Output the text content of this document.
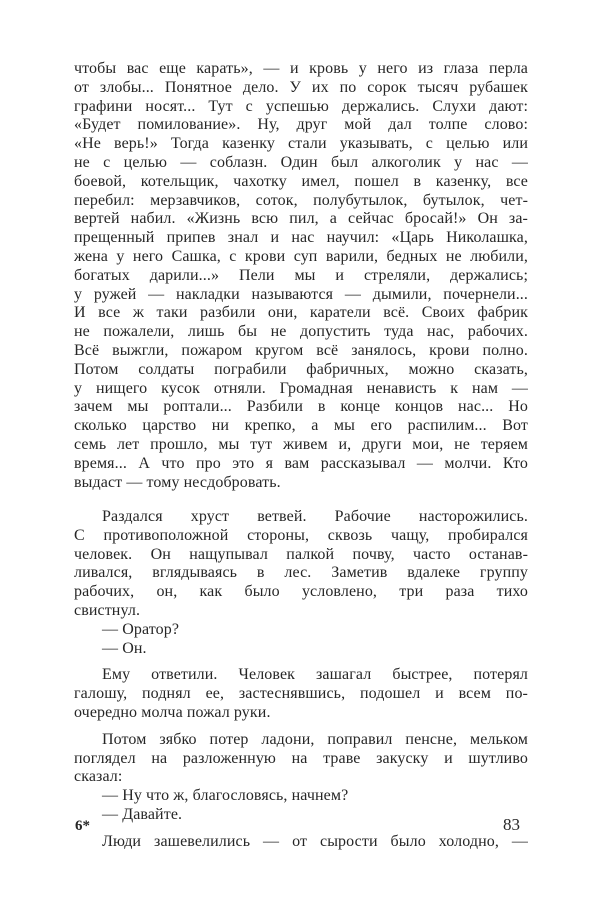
чтобы вас еще карать», — и кровь у него из глаза перла
от злобы... Понятное дело. У их по сорок тысяч рубашек
графини носят... Тут с успешью держались. Слухи дают:
«Будет помилование». Ну, друг мой дал толпе слово:
«Не верь!» Тогда казенку стали указывать, с целью или
не с целью — соблазн. Один был алкоголик у нас —
боевой, котельщик, чахотку имел, пошел в казенку, все
перебил: мерзавчиков, соток, полубутылок, бутылок, чет-
вертей набил. «Жизнь всю пил, а сейчас бросай!» Он за-
прещенный припев знал и нас научил: «Царь Николашка,
жена у него Сашка, с крови суп варили, бедных не любили,
богатых дарили...» Пели мы и стреляли, держались;
у ружей — накладки называются — дымили, почернели...
И все ж таки разбили они, каратели всё. Своих фабрик
не пожалели, лишь бы не допустить туда нас, рабочих.
Всё выжгли, пожаром кругом всё занялось, крови полно.
Потом солдаты пограбили фабричных, можно сказать,
у нищего кусок отняли. Громадная ненависть к нам —
зачем мы роптали... Разбили в конце концов нас... Но
сколько царство ни крепко, а мы его распилим... Вот
семь лет прошло, мы тут живем и, други мои, не теряем
время... А что про это я вам рассказывал — молчи. Кто
выдаст — тому несдобровать.
Раздался хруст ветвей. Рабочие насторожились.
С противоположной стороны, сквозь чащу, пробирался
человек. Он нащупывал палкой почву, часто останав-
ливался, вглядываясь в лес. Заметив вдалеке группу
рабочих, он, как было условлено, три раза тихо
свистнул.
— Оратор?
— Он.
Ему ответили. Человек зашагал быстрее, потерял
галошу, поднял ее, застеснявшись, подошел и всем по-
очередно молча пожал руки.
Потом зябко потер ладони, поправил пенсне, мельком
поглядел на разложенную на траве закуску и шутливо
сказал:
— Ну что ж, благословясь, начнем?
— Давайте.
Люди зашевелились — от сырости было холодно, —
6*	83
